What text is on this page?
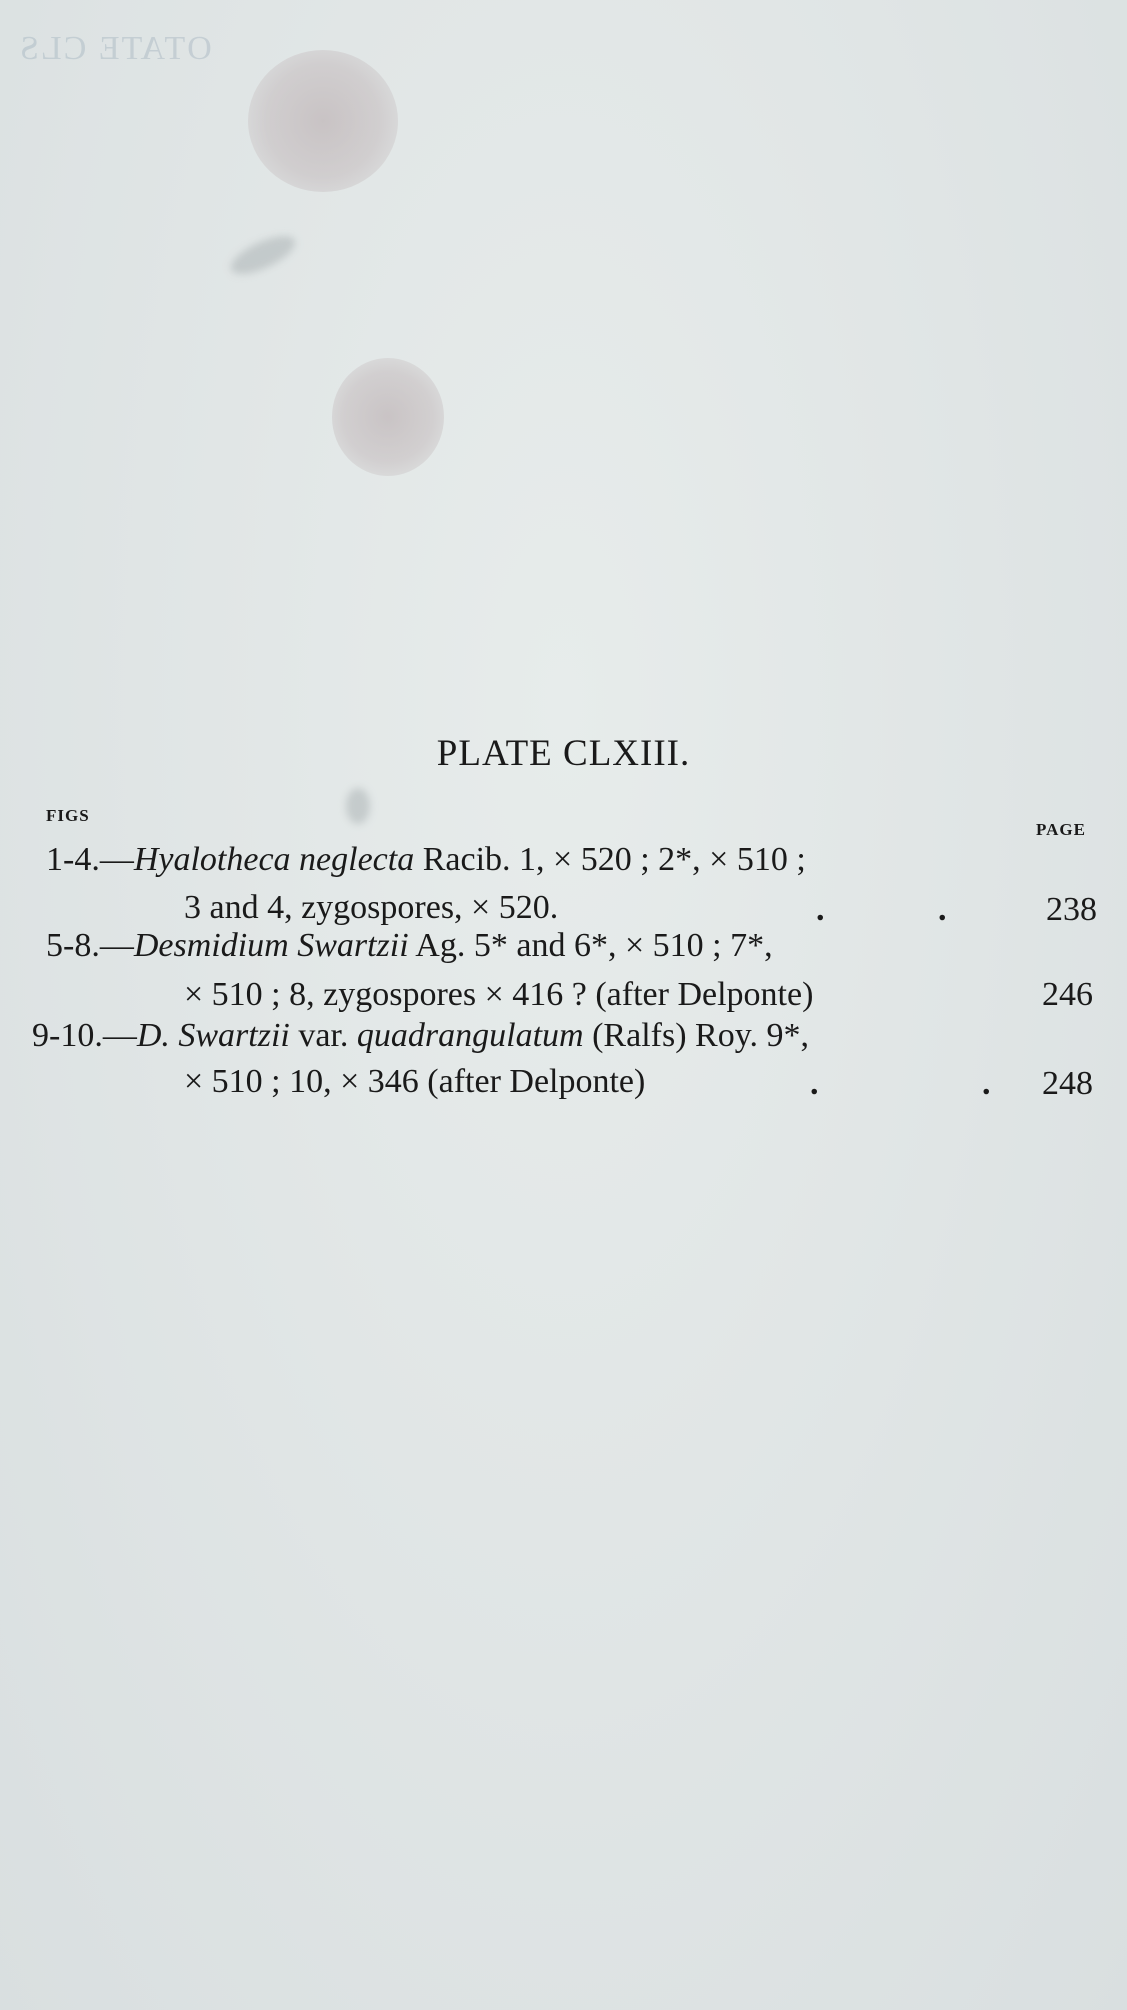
OTATE CLS
PLATE CLXIII.
FIGS
PAGE
1-4.—Hyalotheca neglecta Racib. 1, × 520 ; 2*, × 510 ;
3 and 4, zygospores, × 520.	. .	238
5-8.—Desmidium Swartzii Ag. 5* and 6*, × 510 ; 7*,
× 510 ; 8, zygospores × 416 ? (after Delponte)	246
9-10.—D. Swartzii var. quadrangulatum (Ralfs) Roy. 9*,
× 510 ; 10, × 346 (after Delponte)	. . 248
